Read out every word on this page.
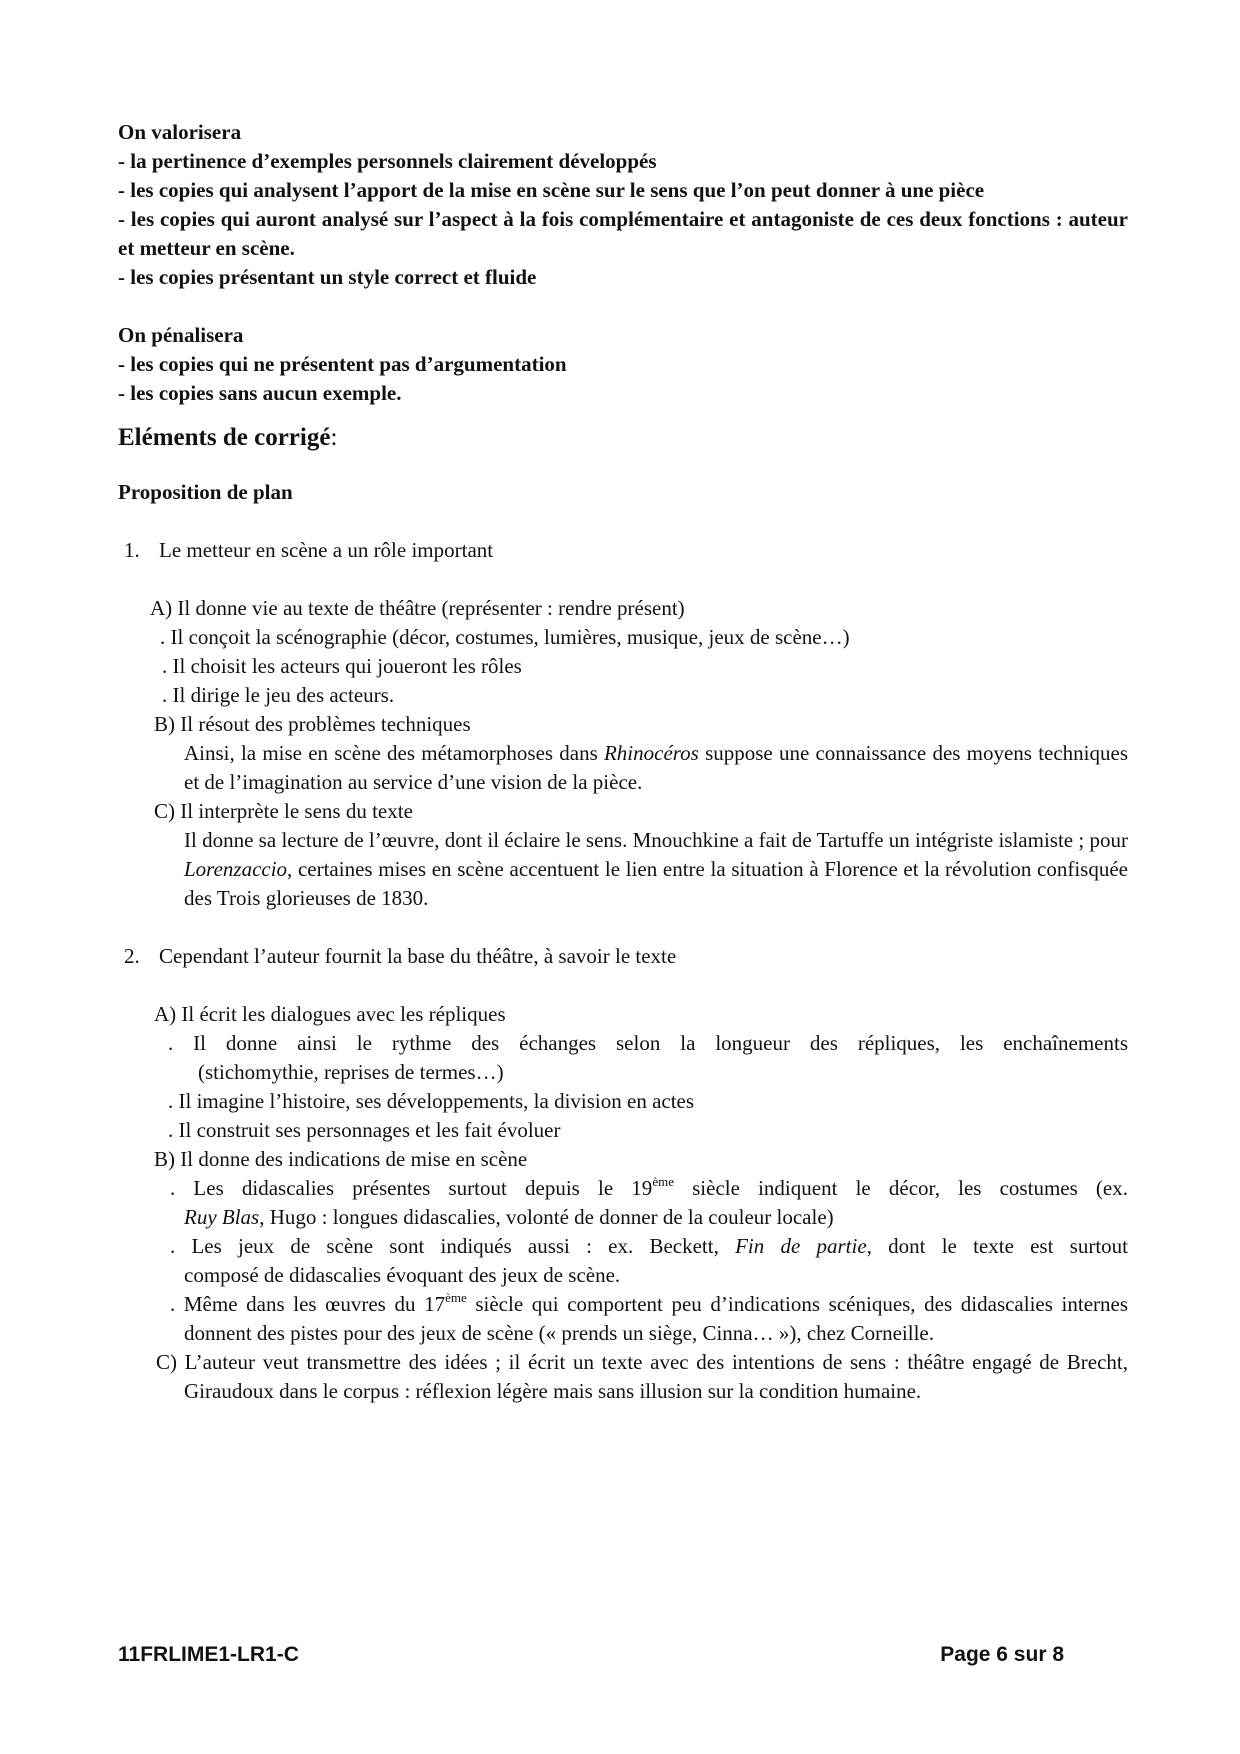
On valorisera
- la pertinence d’exemples personnels clairement développés
- les copies qui analysent l’apport de la mise en scène sur le sens que l’on peut donner à une pièce
- les copies qui auront analysé sur l’aspect à la fois complémentaire et antagoniste de ces deux fonctions : auteur et metteur en scène.
- les copies présentant un style correct et fluide
On pénalisera
- les copies qui ne présentent pas d’argumentation
- les copies sans aucun exemple.
Eléments de corrigé:
Proposition de plan
1. Le metteur en scène a un rôle important
A) Il donne vie au texte de théâtre (représenter : rendre présent)
. Il conçoit la scénographie (décor, costumes, lumières, musique, jeux de scène…)
. Il choisit les acteurs qui joueront les rôles
. Il dirige le jeu des acteurs.
B) Il résout des problèmes techniques
Ainsi, la mise en scène des métamorphoses dans Rhinocéros suppose une connaissance des moyens techniques et de l’imagination au service d’une vision de la pièce.
C) Il interprète le sens du texte
Il donne sa lecture de l’œuvre, dont il éclaire le sens. Mnouchkine a fait de Tartuffe un intégriste islamiste ; pour Lorenzaccio, certaines mises en scène accentuent le lien entre la situation à Florence et la révolution confisquée des Trois glorieuses de 1830.
2. Cependant l’auteur fournit la base du théâtre, à savoir le texte
A) Il écrit les dialogues avec les répliques
. Il donne ainsi le rythme des échanges selon la longueur des répliques, les enchaînements
(stichomythie, reprises de termes…)
. Il imagine l’histoire, ses développements, la division en actes
. Il construit ses personnages et les fait évoluer
B) Il donne des indications de mise en scène
. Les didascalies présentes surtout depuis le 19ème siècle indiquent le décor, les costumes (ex.
Ruy Blas, Hugo : longues didascalies, volonté de donner de la couleur locale)
. Les jeux de scène sont indiqués aussi : ex. Beckett, Fin de partie, dont le texte est surtout
composé de didascalies évoquant des jeux de scène.
. Même dans les œuvres du 17ème siècle qui comportent peu d’indications scéniques, des didascalies internes donnent des pistes pour des jeux de scène (« prends un siège, Cinna… »), chez Corneille.
C) L’auteur veut transmettre des idées ; il écrit un texte avec des intentions de sens : théâtre engagé de Brecht, Giraudoux dans le corpus : réflexion légère mais sans illusion sur la condition humaine.
11FRLIME1-LR1-C	Page 6 sur 8
